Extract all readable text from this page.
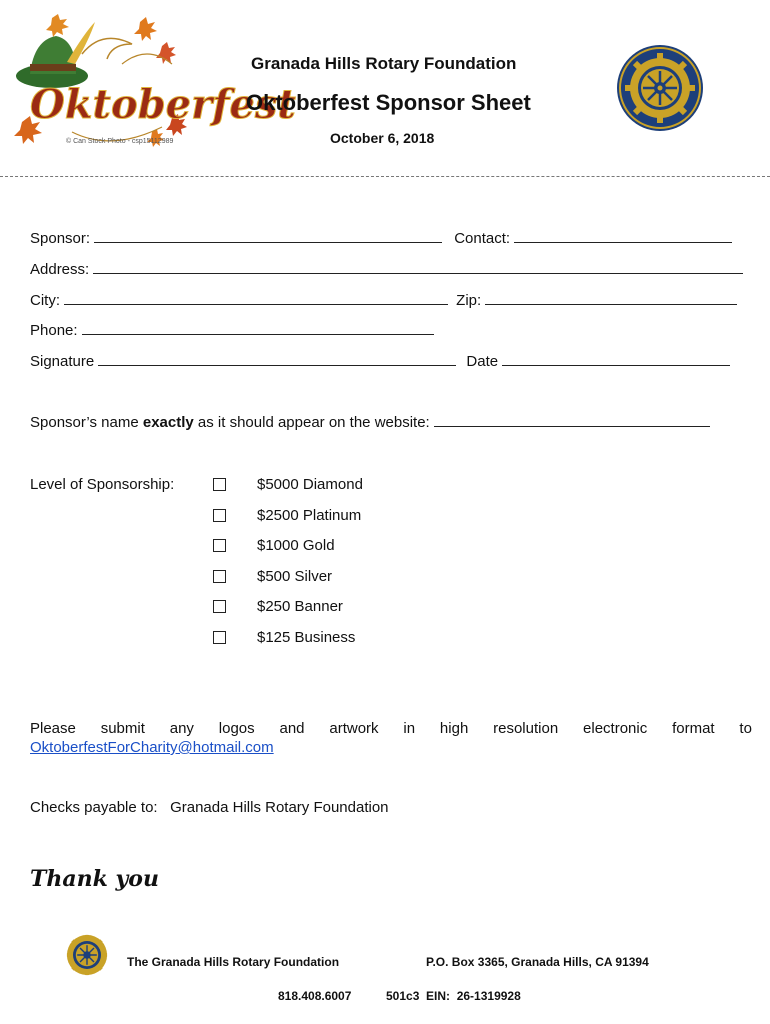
Oktoberfest
© Can Stock Photo - csp15112989
Granada Hills Rotary Foundation
Oktoberfest Sponsor Sheet
October 6, 2018
Sponsor:	Contact:
Address:
City:	Zip:
Phone:
Signature	Date
Sponsor’s name exactly as it should appear on the website:
Level of Sponsorship:	$5000 Diamond
$2500 Platinum
$1000 Gold
$500 Silver
$250 Banner
$125 Business
Please submit any logos and artwork in high resolution electronic format to
OktoberfestForCharity@hotmail.com
Checks payable to:   Granada Hills Rotary Foundation
Thank you
The Granada Hills Rotary Foundation	P.O. Box 3365, Granada Hills, CA 91394
818.408.6007	501c3  EIN:  26-1319928
